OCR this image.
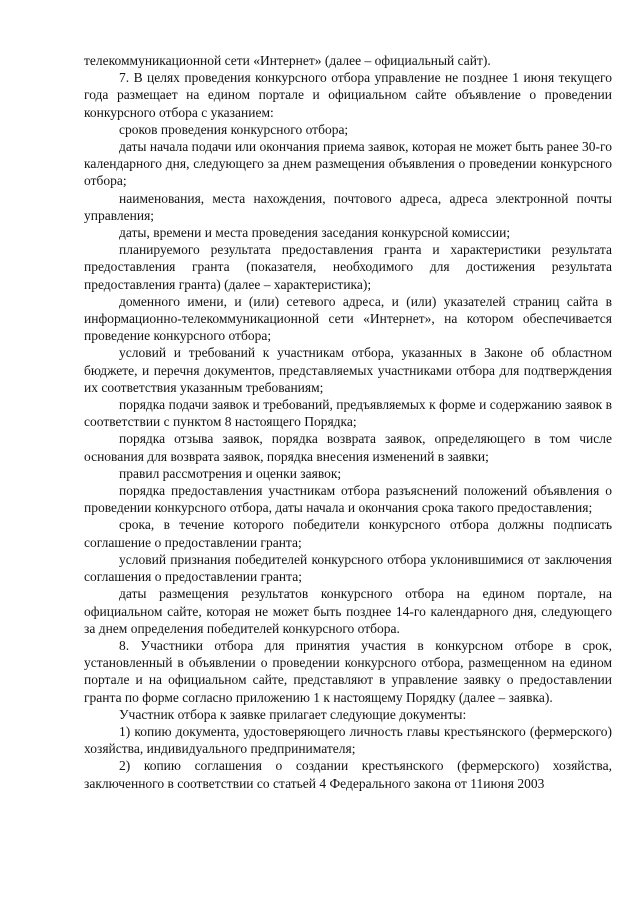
телекоммуникационной сети «Интернет» (далее – официальный сайт).

7. В целях проведения конкурсного отбора управление не позднее 1 июня текущего года размещает на едином портале и официальном сайте объявление о проведении конкурсного отбора с указанием:

сроков проведения конкурсного отбора;

даты начала подачи или окончания приема заявок, которая не может быть ранее 30-го календарного дня, следующего за днем размещения объявления о проведении конкурсного отбора;

наименования, места нахождения, почтового адреса, адреса электронной почты управления;

даты, времени и места проведения заседания конкурсной комиссии;

планируемого результата предоставления гранта и характеристики результата предоставления гранта (показателя, необходимого для достижения результата предоставления гранта) (далее – характеристика);

доменного имени, и (или) сетевого адреса, и (или) указателей страниц сайта в информационно-телекоммуникационной сети «Интернет», на котором обеспечивается проведение конкурсного отбора;

условий и требований к участникам отбора, указанных в Законе об областном бюджете, и перечня документов, представляемых участниками отбора для подтверждения их соответствия указанным требованиям;

порядка подачи заявок и требований, предъявляемых к форме и содержанию заявок в соответствии с пунктом 8 настоящего Порядка;

порядка отзыва заявок, порядка возврата заявок, определяющего в том числе основания для возврата заявок, порядка внесения изменений в заявки;

правил рассмотрения и оценки заявок;

порядка предоставления участникам отбора разъяснений положений объявления о проведении конкурсного отбора, даты начала и окончания срока такого предоставления;

срока, в течение которого победители конкурсного отбора должны подписать соглашение о предоставлении гранта;

условий признания победителей конкурсного отбора уклонившимися от заключения соглашения о предоставлении гранта;

даты размещения результатов конкурсного отбора на едином портале, на официальном сайте, которая не может быть позднее 14-го календарного дня, следующего за днем определения победителей конкурсного отбора.

8. Участники отбора для принятия участия в конкурсном отборе в срок, установленный в объявлении о проведении конкурсного отбора, размещенном на едином портале и на официальном сайте, представляют в управление заявку о предоставлении гранта по форме согласно приложению 1 к настоящему Порядку (далее – заявка).

Участник отбора к заявке прилагает следующие документы:

1) копию документа, удостоверяющего личность главы крестьянского (фермерского) хозяйства, индивидуального предпринимателя;

2) копию соглашения о создании крестьянского (фермерского) хозяйства, заключенного в соответствии со статьей 4 Федерального закона от 11июня 2003
